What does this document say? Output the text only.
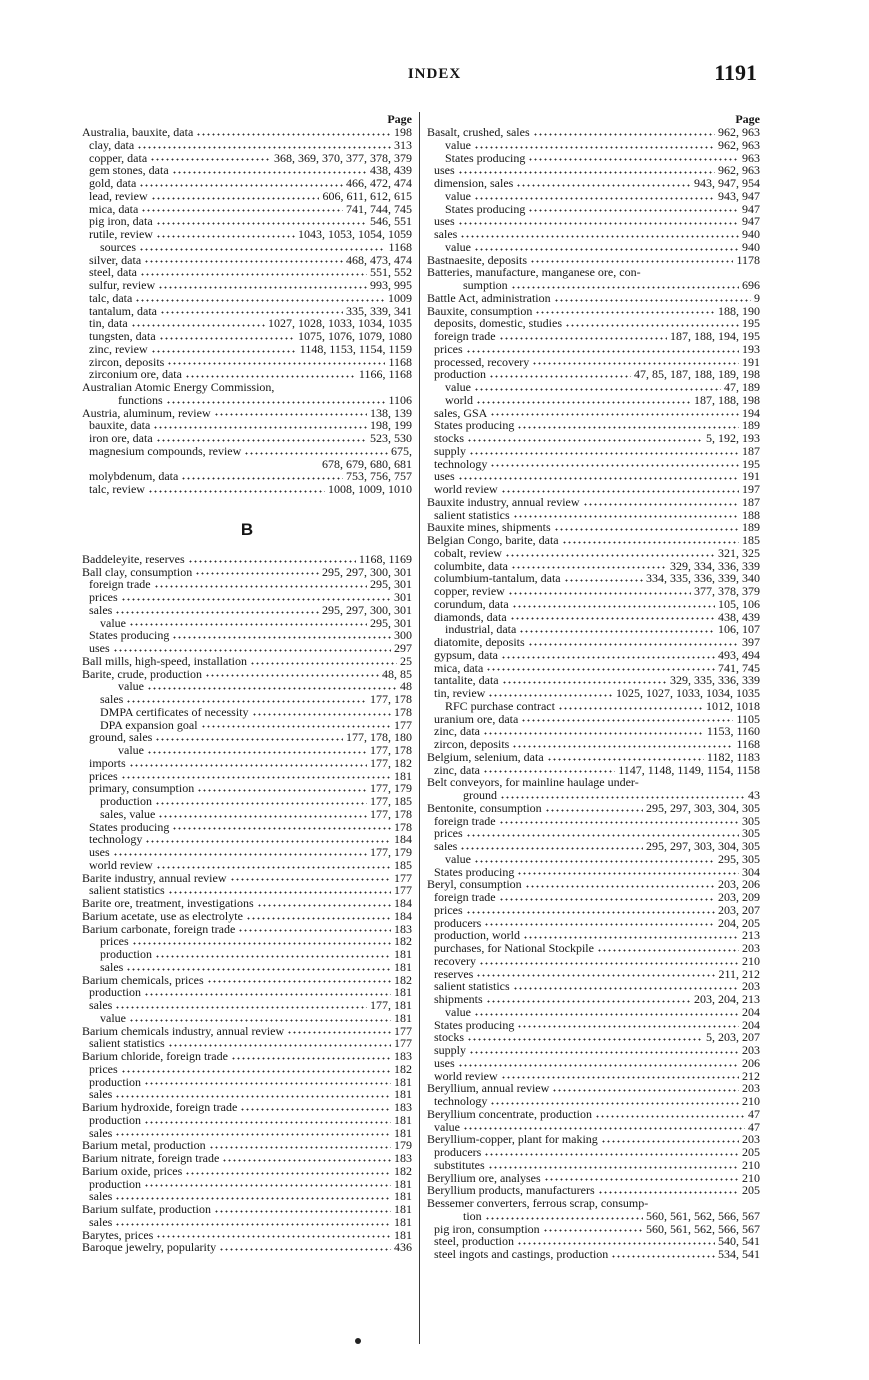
INDEX	1191
Page
Australia, bauxite, data	198
clay, data	313
copper, data	368, 369, 370, 377, 378, 379
gem stones, data	438, 439
gold, data	466, 472, 474
lead, review	606, 611, 612, 615
mica, data	741, 744, 745
pig iron, data	546, 551
rutile, review	1043, 1053, 1054, 1059
sources	1168
silver, data	468, 473, 474
steel, data	551, 552
sulfur, review	993, 995
talc, data	1009
tantalum, data	335, 339, 341
tin, data	1027, 1028, 1033, 1034, 1035
tungsten, data	1075, 1076, 1079, 1080
zinc, review	1148, 1153, 1154, 1159
zircon, deposits	1168
zirconium ore, data	1166, 1168
Australian Atomic Energy Commission,
functions	1106
Austria, aluminum, review	138, 139
bauxite, data	198, 199
iron ore, data	523, 530
magnesium compounds, review	675,
678, 679, 680, 681
molybdenum, data	753, 756, 757
talc, review	1008, 1009, 1010
B
Baddeleyite, reserves	1168, 1169
Ball clay, consumption	295, 297, 300, 301
foreign trade	295, 301
prices	301
sales	295, 297, 300, 301
value	295, 301
States producing	300
uses	297
Ball mills, high-speed, installation	25
Barite, crude, production	48, 85
value	48
sales	177, 178
DMPA certificates of necessity	178
DPA expansion goal	177
ground, sales	177, 178, 180
value	177, 178
imports	177, 182
prices	181
primary, consumption	177, 179
production	177, 185
sales, value	177, 178
States producing	178
technology	184
uses	177, 179
world review	185
Barite industry, annual review	177
salient statistics	177
Barite ore, treatment, investigations	184
Barium acetate, use as electrolyte	184
Barium carbonate, foreign trade	183
prices	182
production	181
sales	181
Barium chemicals, prices	182
production	181
sales	177, 181
value	181
Barium chemicals industry, annual review	177
salient statistics	177
Barium chloride, foreign trade	183
prices	182
production	181
sales	181
Barium hydroxide, foreign trade	183
production	181
sales	181
Barium metal, production	179
Barium nitrate, foreign trade	183
Barium oxide, prices	182
production	181
sales	181
Barium sulfate, production	181
sales	181
Barytes, prices	181
Baroque jewelry, popularity	436
Page
Basalt, crushed, sales	962, 963
value	962, 963
States producing	963
uses	962, 963
dimension, sales	943, 947, 954
value	943, 947
States producing	947
uses	947
sales	940
value	940
Bastnaesite, deposits	1178
Batteries, manufacture, manganese ore, con-
sumption	696
Battle Act, administration	9
Bauxite, consumption	188, 190
deposits, domestic, studies	195
foreign trade	187, 188, 194, 195
prices	193
processed, recovery	191
production	47, 85, 187, 188, 189, 198
value	47, 189
world	187, 188, 198
sales, GSA	194
States producing	189
stocks	5, 192, 193
supply	187
technology	195
uses	191
world review	197
Bauxite industry, annual review	187
salient statistics	188
Bauxite mines, shipments	189
Belgian Congo, barite, data	185
cobalt, review	321, 325
columbite, data	329, 334, 336, 339
columbium-tantalum, data	334, 335, 336, 339, 340
copper, review	377, 378, 379
corundum, data	105, 106
diamonds, data	438, 439
industrial, data	106, 107
diatomite, deposits	397
gypsum, data	493, 494
mica, data	741, 745
tantalite, data	329, 335, 336, 339
tin, review	1025, 1027, 1033, 1034, 1035
RFC purchase contract	1012, 1018
uranium ore, data	1105
zinc, data	1153, 1160
zircon, deposits	1168
Belgium, selenium, data	1182, 1183
zinc, data	1147, 1148, 1149, 1154, 1158
Belt conveyors, for mainline haulage under-
ground	43
Bentonite, consumption	295, 297, 303, 304, 305
foreign trade	305
prices	305
sales	295, 297, 303, 304, 305
value	295, 305
States producing	304
Beryl, consumption	203, 206
foreign trade	203, 209
prices	203, 207
producers	204, 205
production, world	213
purchases, for National Stockpile	203
recovery	210
reserves	211, 212
salient statistics	203
shipments	203, 204, 213
value	204
States producing	204
stocks	5, 203, 207
supply	203
uses	206
world review	212
Beryllium, annual review	203
technology	210
Beryllium concentrate, production	47
value	47
Beryllium-copper, plant for making	203
producers	205
substitutes	210
Beryllium ore, analyses	210
Beryllium products, manufacturers	205
Bessemer converters, ferrous scrap, consump-
tion	560, 561, 562, 566, 567
pig iron, consumption	560, 561, 562, 566, 567
steel, production	540, 541
steel ingots and castings, production	534, 541
